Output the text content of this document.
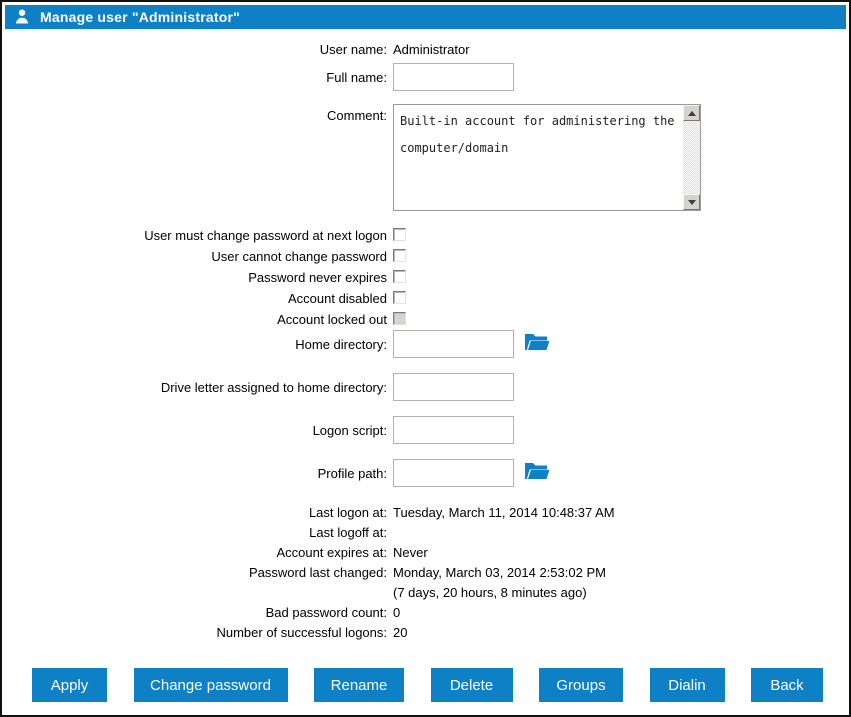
Manage user "Administrator"
User name: Administrator
Full name:
Comment:	Built-in account for administering the computer/domain
User must change password at next logon
User cannot change password
Password never expires
Account disabled
Account locked out
Home directory:
Drive letter assigned to home directory:
Logon script:
Profile path:
Last logon at: Tuesday, March 11, 2014 10:48:37 AM
Last logoff at:
Account expires at: Never
Password last changed: Monday, March 03, 2014 2:53:02 PM
(7 days, 20 hours, 8 minutes ago)
Bad password count: 0
Number of successful logons: 20
Apply	Change password	Rename	Delete	Groups	Dialin	Back
